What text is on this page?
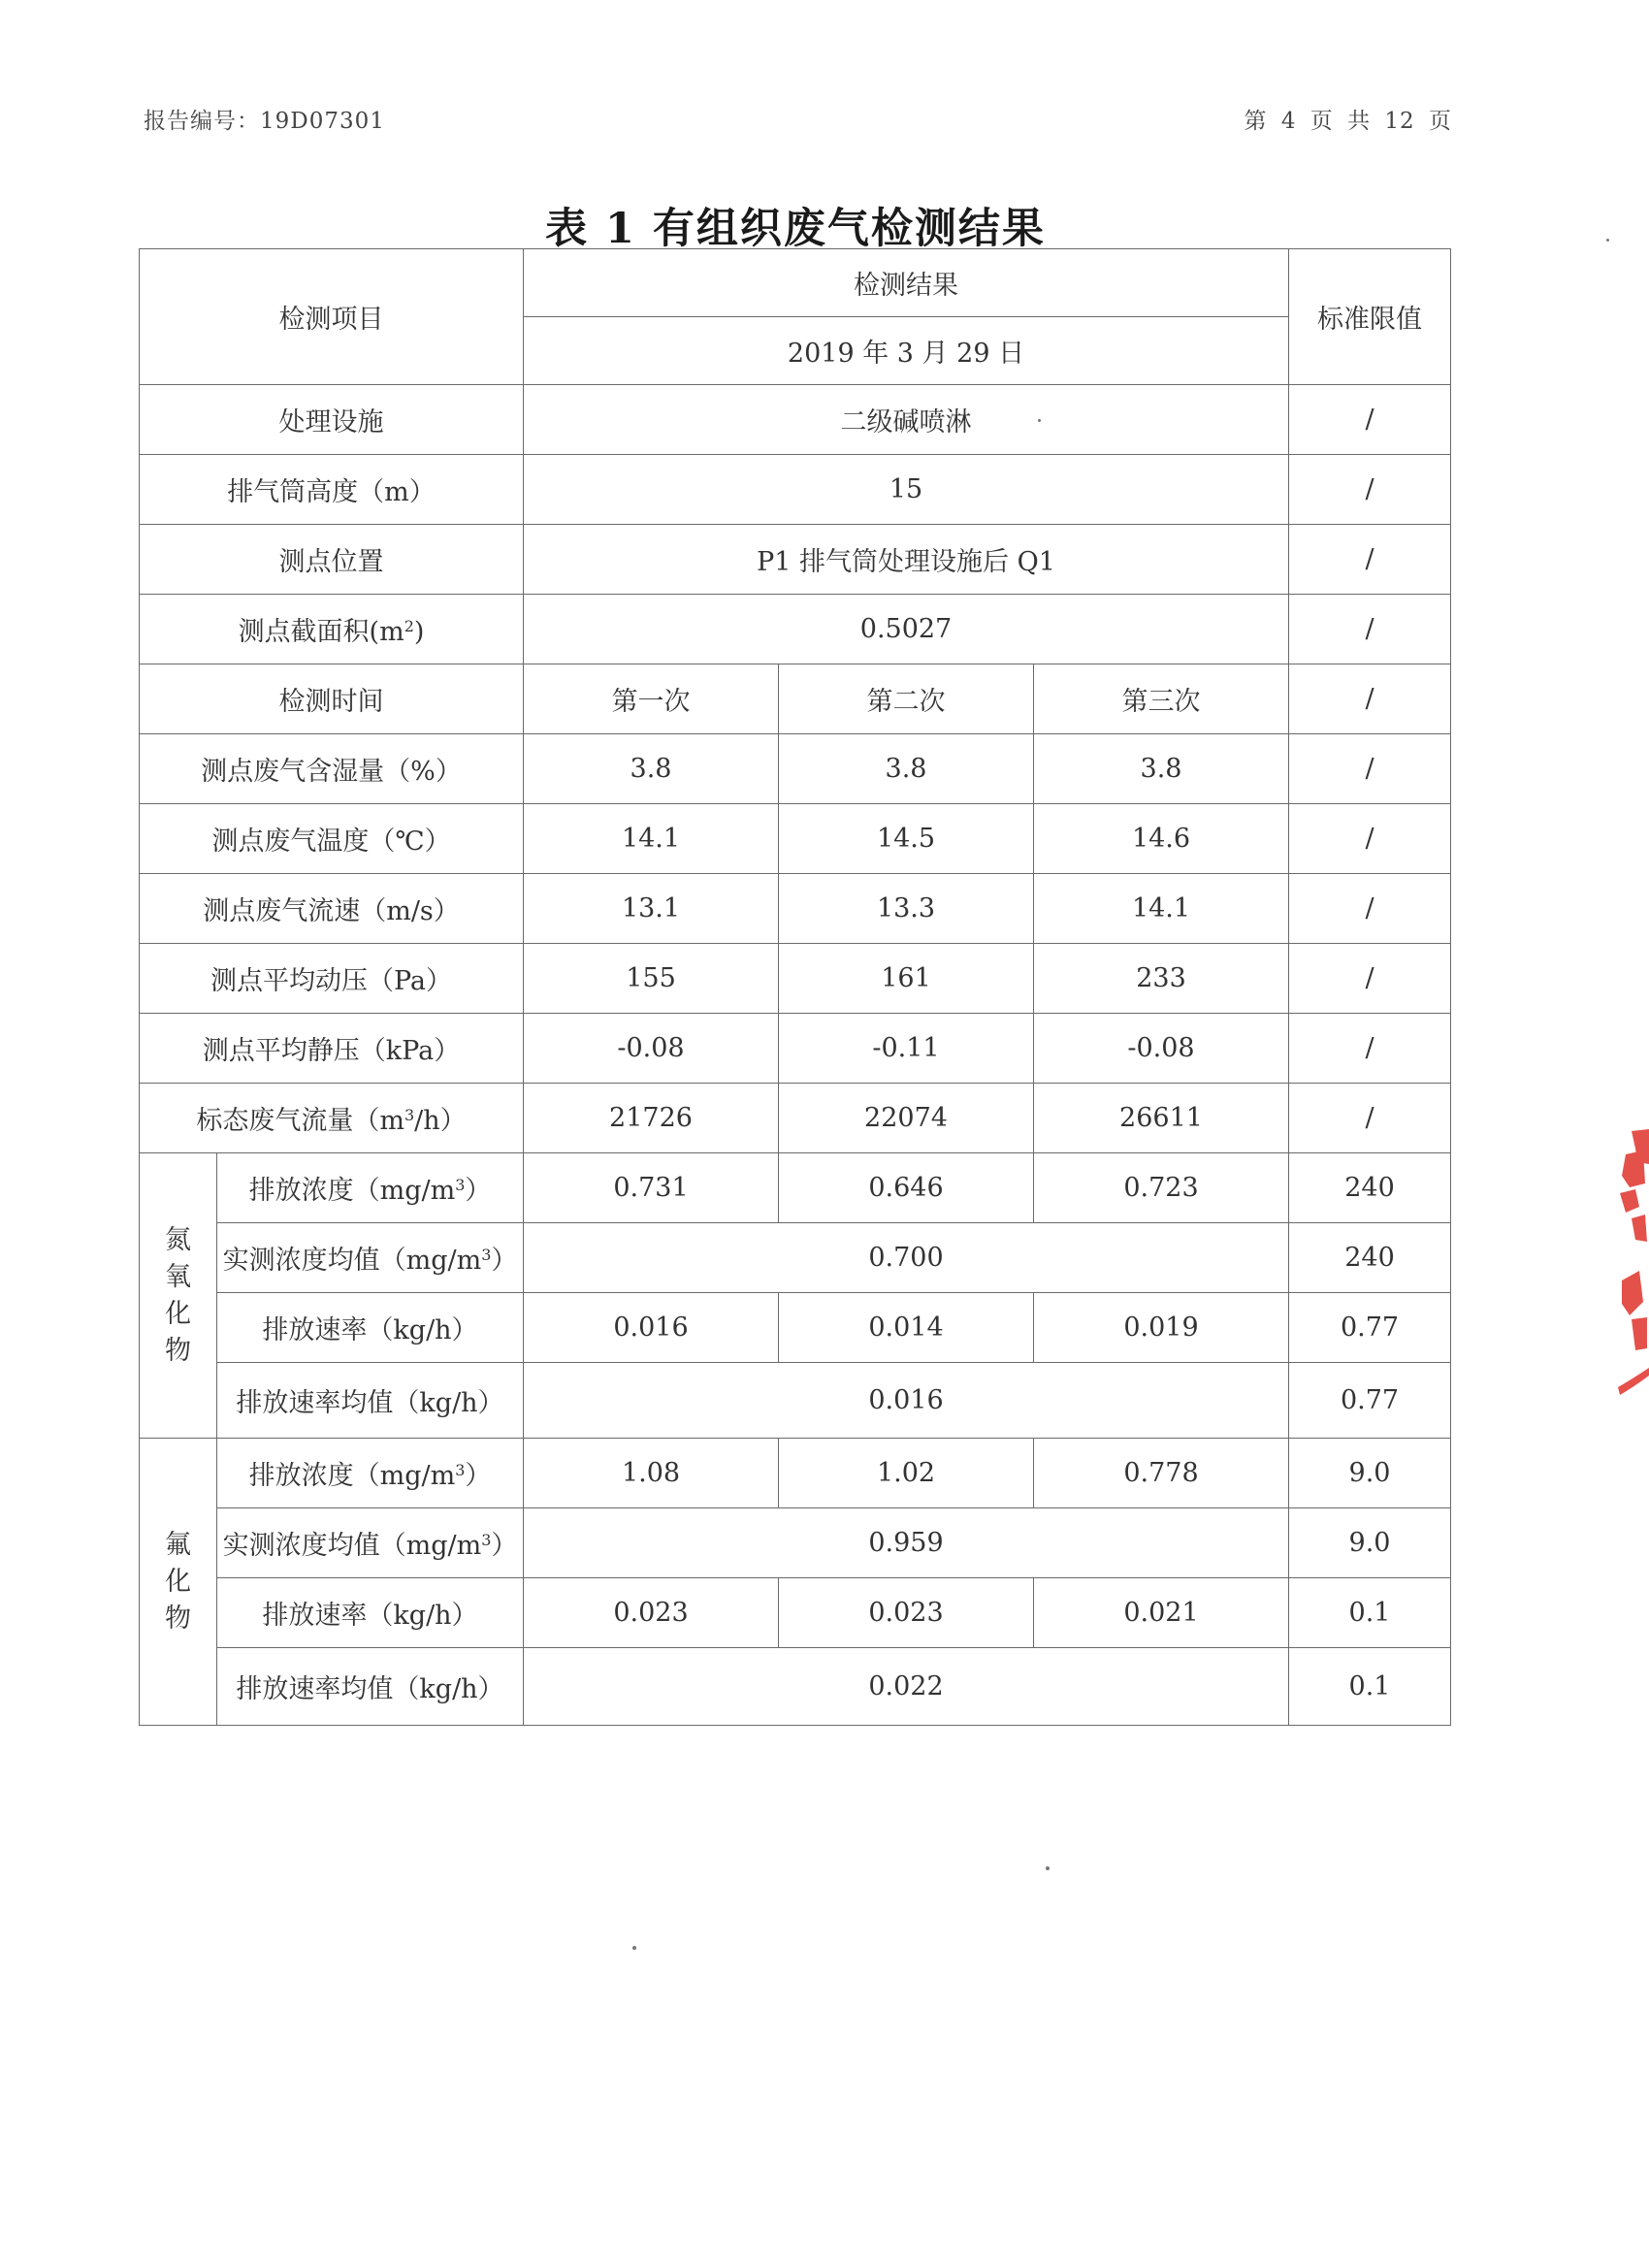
报告编号：19D07301	第 4 页 共 12 页
表 1 有组织废气检测结果
检测项目		检测结果			标准限值
		2019 年 3 月 29 日			
处理设施		二级碱喷淋			/
排气筒高度（m）		15			/
测点位置		P1 排气筒处理设施后 Q1			/
测点截面积$(m^2)$		0.5027			/
检测时间		第一次	第二次	第三次	/
测点废气含湿量（%）		3.8	3.8	3.8	/
测点废气温度（℃）		14.1	14.5	14.6	/
测点废气流速（m/s）		13.1	13.3	14.1	/
测点平均动压（Pa）		155	161	233	/
测点平均静压（kPa）		-0.08	-0.11	-0.08	/
标态废气流量$(m^3/h)$		21726	22074	26611	/

氮
氧
化
物	排放浓度$(mg/m^3)$	0.731	0.646	0.723	240
	实测浓度均值$(mg/m^3)$	0.700			240
	排放速率（kg/h）	0.016	0.014	0.019	0.77
	排放速率均值（kg/h）	0.016			0.77

氟
化
物	排放浓度$(mg/m^3)$	1.08	1.02	0.778	9.0
	实测浓度均值$(mg/m^3)$	0.959			9.0
	排放速率（kg/h）	0.023	0.023	0.021	0.1
	排放速率均值（kg/h）	0.022			0.1
